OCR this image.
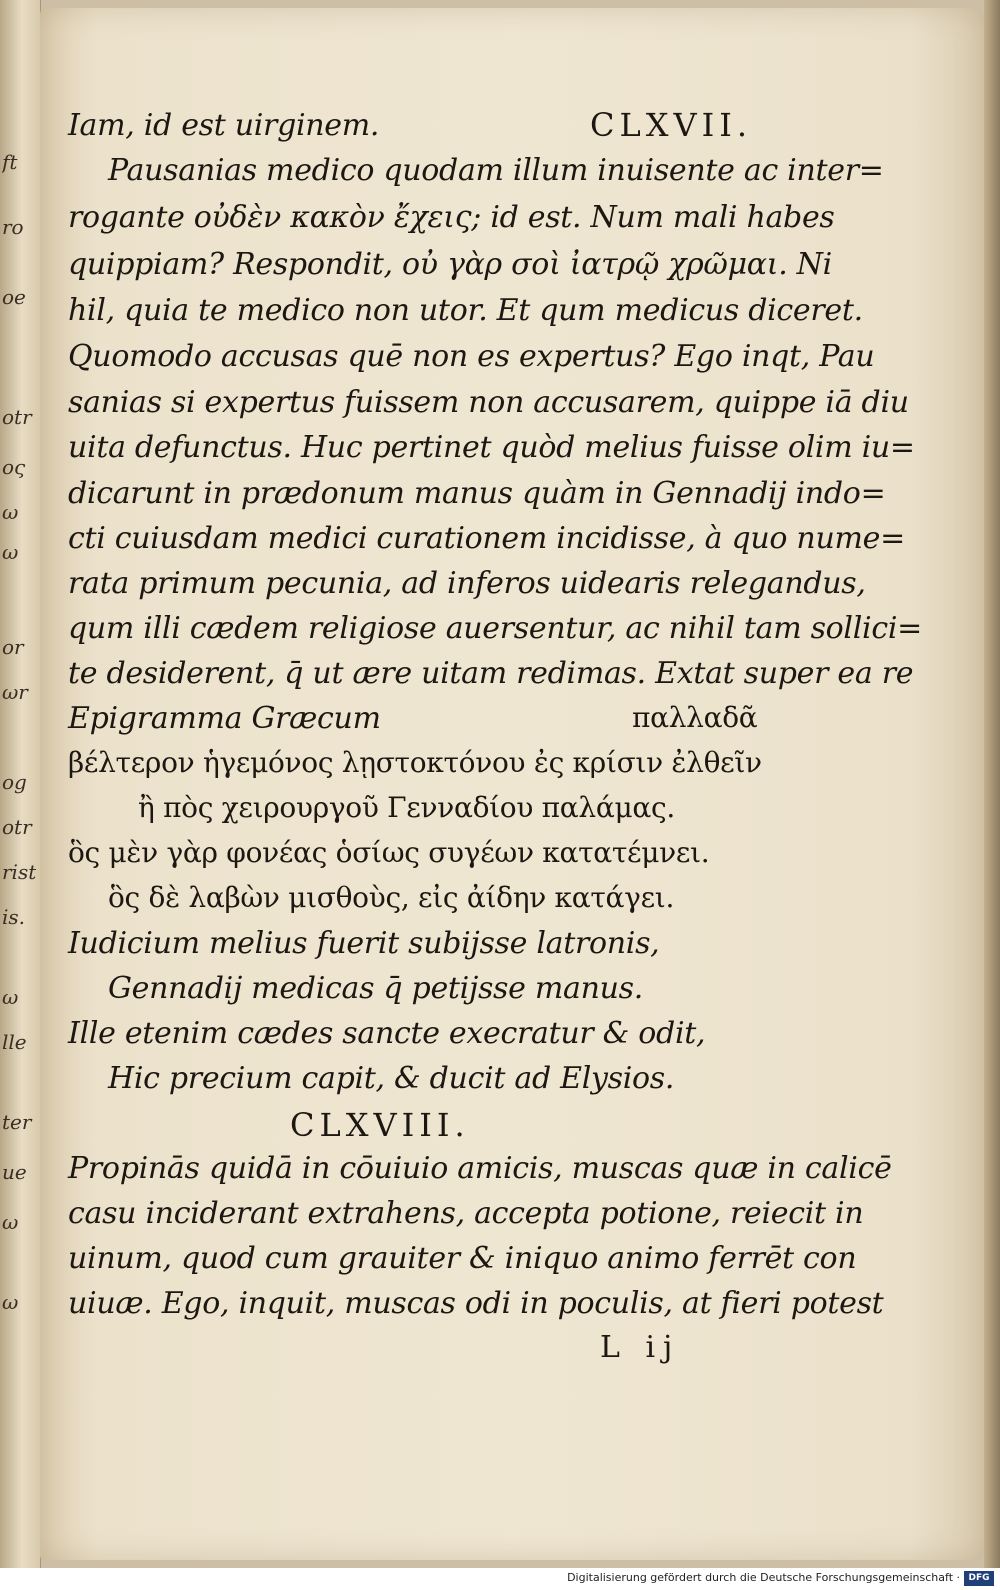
ft
ro
oe
otr
oς
ω
ω
or
ωr
og
otr
rist
is.
ω
lle
ter
ue
ω
ω
Iam, id est uirginem.	CLXVII.
Pausanias medico quodam illum inuisente ac inter=
rogante οὐδὲν κακὸν ἔχεις; id est. Num mali habes
quippiam? Respondit, οὐ γὰρ σοὶ ἰατρῷ χρῶμαι. Ni
hil, quia te medico non utor. Et qum medicus diceret.
Quomodo accusas quē non es expertus? Ego inqt, Pau
sanias si expertus fuissem non accusarem, quippe iā diu
uita defunctus. Huc pertinet quòd melius fuisse olim iu=
dicarunt in prædonum manus quàm in Gennadij indo=
cti cuiusdam medici curationem incidisse, à quo nume=
rata primum pecunia, ad inferos uidearis relegandus,
qum illi cædem religiose auersentur, ac nihil tam sollici=
te desiderent, q̄ ut ære uitam redimas. Extat super ea re
Epigramma Græcum	παλλαδᾶ
βέλτερον ἡγεμόνος λῃστοκτόνου ἐς κρίσιν ἐλθεῖν
ἢ πὸς χειρουργοῦ Γενναδίου παλάμας.
ὃς μὲν γὰρ φονέας ὁσίως συγέων κατατέμνει.
ὃς δὲ λαβὼν μισθοὺς, εἰς ἀίδην κατάγει.
Iudicium melius fuerit subijsse latronis,
Gennadij medicas q̄ petijsse manus.
Ille etenim cædes sancte execratur & odit,
Hic precium capit, & ducit ad Elysios.
CLXVIII.
Propinās quidā in cōuiuio amicis, muscas quæ in calicē
casu inciderant extrahens, accepta potione, reiecit in
uinum, quod cum grauiter & iniquo animo ferrēt con
uiuæ. Ego, inquit, muscas odi in poculis, at fieri potest
L ij
Digitalisierung gefördert durch die Deutsche Forschungsgemeinschaft · DFG
